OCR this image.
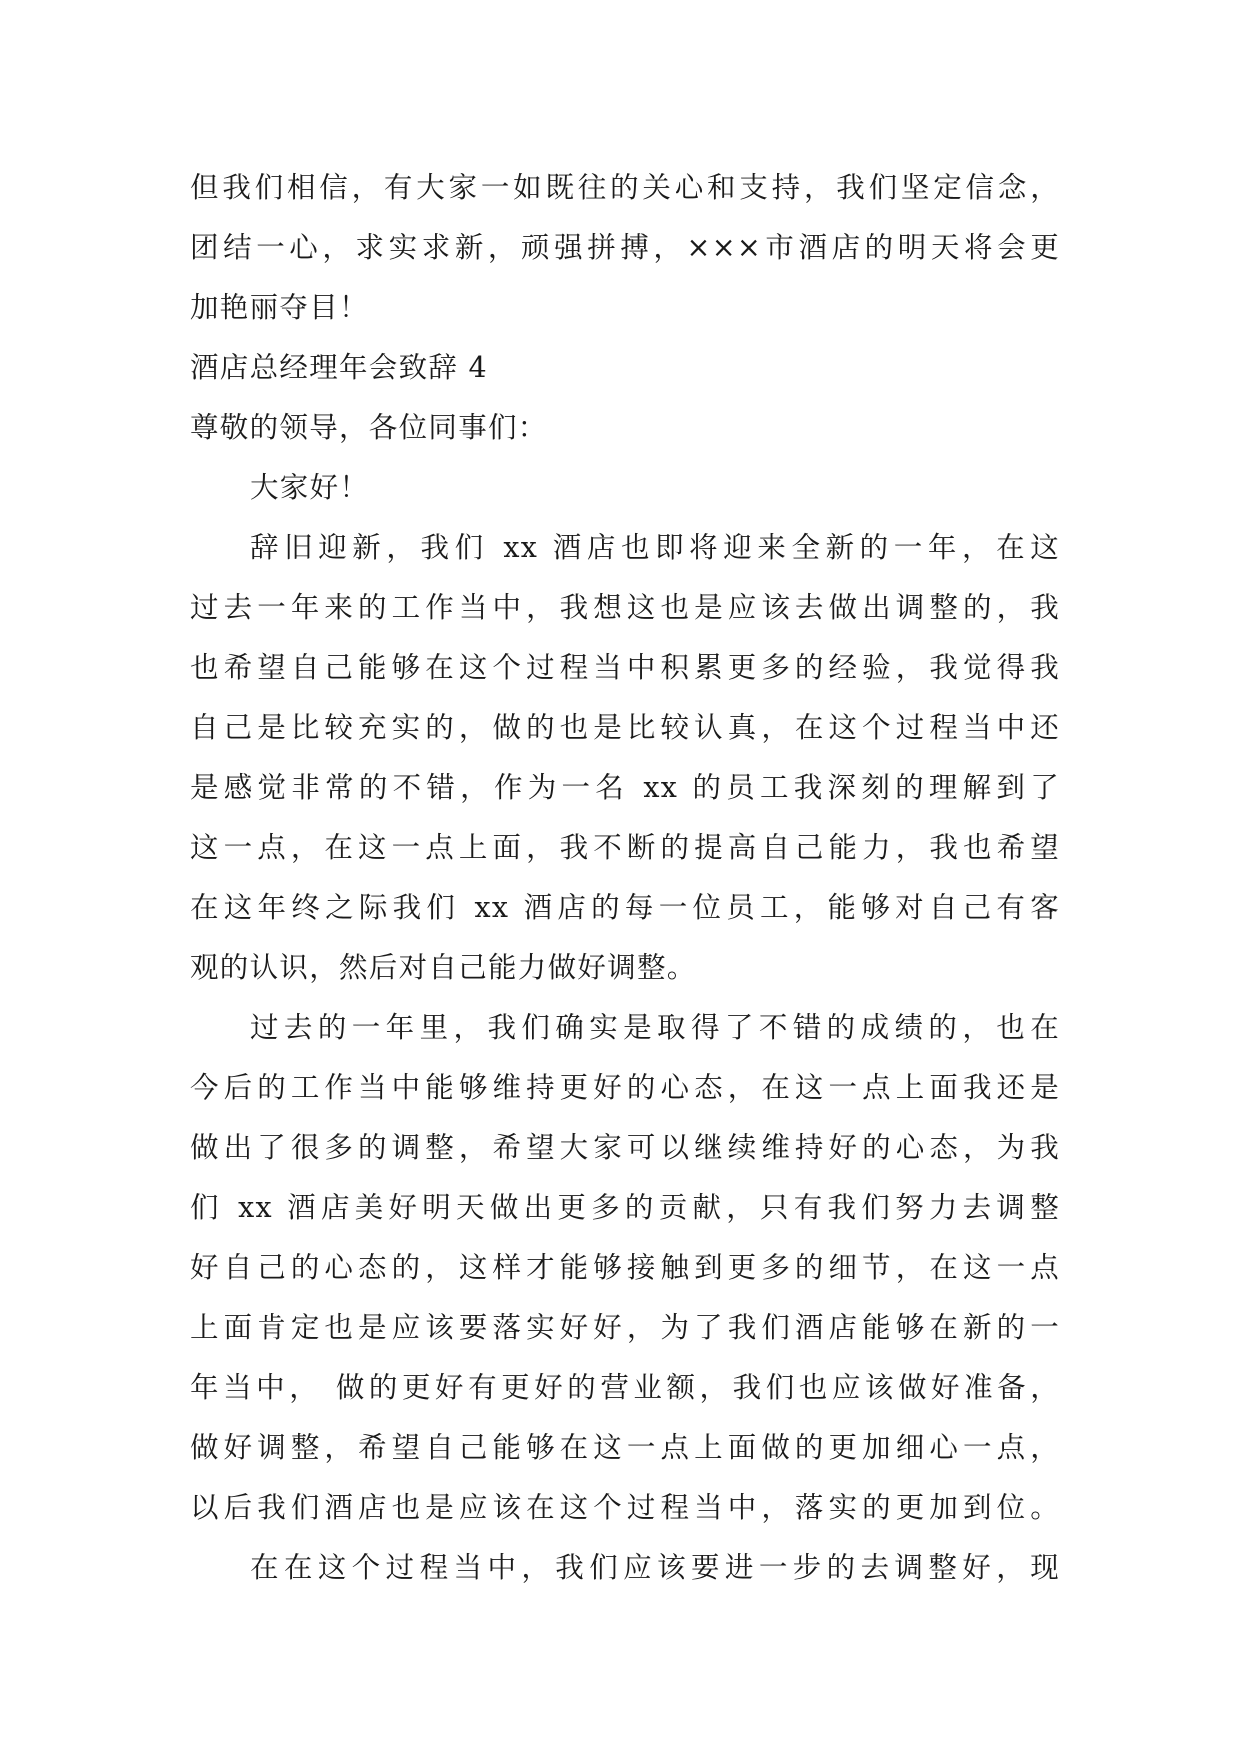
但我们相信，有大家一如既往的关心和支持，我们坚定信念，
团结一心，求实求新，顽强拼搏，×××市酒店的明天将会更
加艳丽夺目！
酒店总经理年会致辞 4
尊敬的领导，各位同事们：
大家好！
辞旧迎新，我们 xx 酒店也即将迎来全新的一年，在这
过去一年来的工作当中，我想这也是应该去做出调整的，我
也希望自己能够在这个过程当中积累更多的经验，我觉得我
自己是比较充实的，做的也是比较认真，在这个过程当中还
是感觉非常的不错，作为一名 xx 的员工我深刻的理解到了
这一点，在这一点上面，我不断的提高自己能力，我也希望
在这年终之际我们 xx 酒店的每一位员工，能够对自己有客
观的认识，然后对自己能力做好调整。
过去的一年里，我们确实是取得了不错的成绩的，也在
今后的工作当中能够维持更好的心态，在这一点上面我还是
做出了很多的调整，希望大家可以继续维持好的心态，为我
们 xx 酒店美好明天做出更多的贡献，只有我们努力去调整
好自己的心态的，这样才能够接触到更多的细节，在这一点
上面肯定也是应该要落实好好，为了我们酒店能够在新的一
年当中， 做的更好有更好的营业额，我们也应该做好准备，
做好调整，希望自己能够在这一点上面做的更加细心一点，
以后我们酒店也是应该在这个过程当中，落实的更加到位。
在在这个过程当中，我们应该要进一步的去调整好，现
